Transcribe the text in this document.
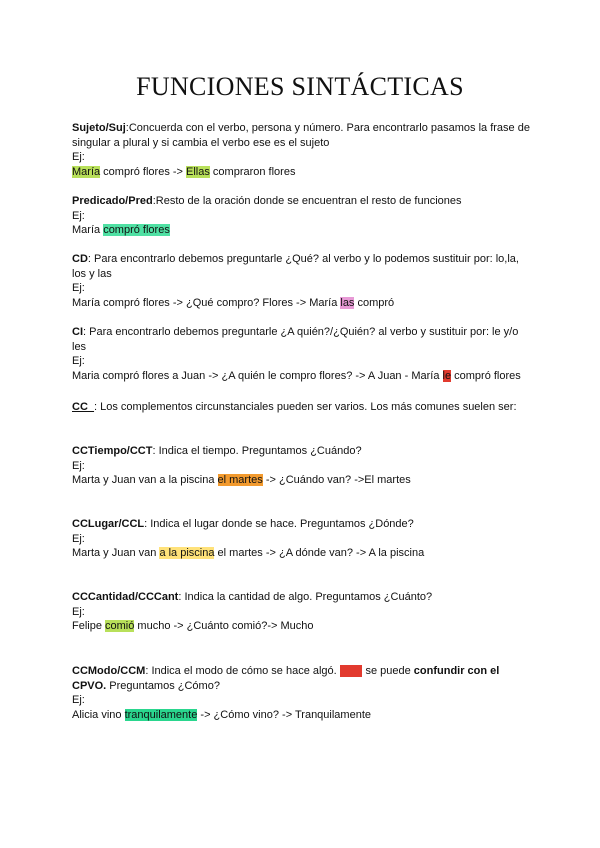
FUNCIONES SINTÁCTICAS

Sujeto/Suj:Concuerda con el verbo, persona y número. Para encontrarlo pasamos la frase de singular a plural y si cambia el verbo ese es el sujeto

Ej:

María compró flores -> Ellas compraron flores

Predicado/Pred:Resto de la oración donde se encuentran el resto de funciones

Ej:

María compró flores

CD: Para encontrarlo debemos preguntarle ¿Qué? al verbo y lo podemos sustituir por: lo,la, los y las

Ej:

María compró flores -> ¿Qué compro? Flores -> María las compró

CI: Para encontrarlo debemos preguntarle ¿A quién?/¿Quién? al verbo y sustituir por: le y/o les

Ej:

Maria compró flores a Juan -> ¿A quién le compro flores? -> A Juan - María le compró flores

CC_: Los complementos circunstanciales pueden ser varios. Los más comunes suelen ser:

CCTiempo/CCT: Indica el tiempo. Preguntamos ¿Cuándo?

Ej:

Marta y Juan van a la piscina el martes -> ¿Cuándo van? ->El martes

CCLugar/CCL: Indica el lugar donde se hace. Preguntamos ¿Dónde?

Ej:

Marta y Juan van a la piscina el martes -> ¿A dónde van? -> A la piscina

CCCantidad/CCCant: Indica la cantidad de algo. Preguntamos ¿Cuánto?

Ej:

Felipe comió mucho -> ¿Cuánto comió?-> Mucho

CCModo/CCM: Indica el modo de cómo se hace algó. OJO se puede confundir con el CPVO. Preguntamos ¿Cómo?

Ej:

Alicia vino tranquilamente -> ¿Cómo vino? -> Tranquilamente
